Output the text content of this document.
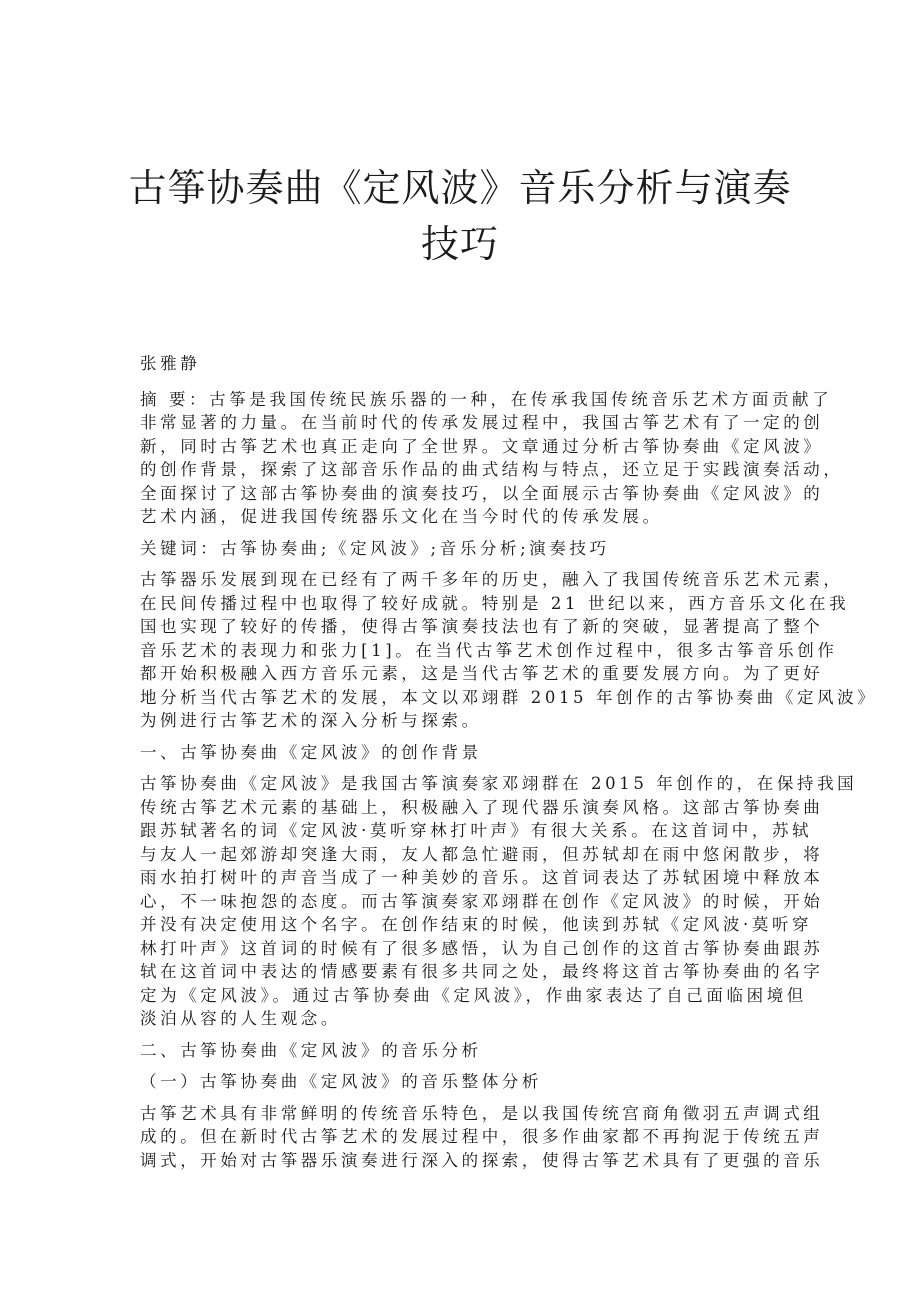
古筝协奏曲《定风波》音乐分析与演奏
技巧
张雅静
摘 要：古筝是我国传统民族乐器的一种，在传承我国传统音乐艺术方面贡献了
非常显著的力量。在当前时代的传承发展过程中，我国古筝艺术有了一定的创
新，同时古筝艺术也真正走向了全世界。文章通过分析古筝协奏曲《定风波》
的创作背景，探索了这部音乐作品的曲式结构与特点，还立足于实践演奏活动，
全面探讨了这部古筝协奏曲的演奏技巧，以全面展示古筝协奏曲《定风波》的
艺术内涵，促进我国传统器乐文化在当今时代的传承发展。
关键词：古筝协奏曲;《定风波》;音乐分析;演奏技巧
古筝器乐发展到现在已经有了两千多年的历史，融入了我国传统音乐艺术元素，
在民间传播过程中也取得了较好成就。特别是 21 世纪以来，西方音乐文化在我
国也实现了较好的传播，使得古筝演奏技法也有了新的突破，显著提高了整个
音乐艺术的表现力和张力[1]。在当代古筝艺术创作过程中，很多古筝音乐创作
都开始积极融入西方音乐元素，这是当代古筝艺术的重要发展方向。为了更好
地分析当代古筝艺术的发展，本文以邓翊群 2015 年创作的古筝协奏曲《定风波》
为例进行古筝艺术的深入分析与探索。
一、古筝协奏曲《定风波》的创作背景
古筝协奏曲《定风波》是我国古筝演奏家邓翊群在 2015 年创作的，在保持我国
传统古筝艺术元素的基础上，积极融入了现代器乐演奏风格。这部古筝协奏曲
跟苏轼著名的词《定风波·莫听穿林打叶声》有很大关系。在这首词中，苏轼
与友人一起郊游却突逢大雨，友人都急忙避雨，但苏轼却在雨中悠闲散步，将
雨水拍打树叶的声音当成了一种美妙的音乐。这首词表达了苏轼困境中释放本
心，不一味抱怨的态度。而古筝演奏家邓翊群在创作《定风波》的时候，开始
并没有决定使用这个名字。在创作结束的时候，他读到苏轼《定风波·莫听穿
林打叶声》这首词的时候有了很多感悟，认为自己创作的这首古筝协奏曲跟苏
轼在这首词中表达的情感要素有很多共同之处，最终将这首古筝协奏曲的名字
定为《定风波》。通过古筝协奏曲《定风波》，作曲家表达了自己面临困境但
淡泊从容的人生观念。
二、古筝协奏曲《定风波》的音乐分析
（一）古筝协奏曲《定风波》的音乐整体分析
古筝艺术具有非常鲜明的传统音乐特色，是以我国传统宫商角徵羽五声调式组
成的。但在新时代古筝艺术的发展过程中，很多作曲家都不再拘泥于传统五声
调式，开始对古筝器乐演奏进行深入的探索，使得古筝艺术具有了更强的音乐
